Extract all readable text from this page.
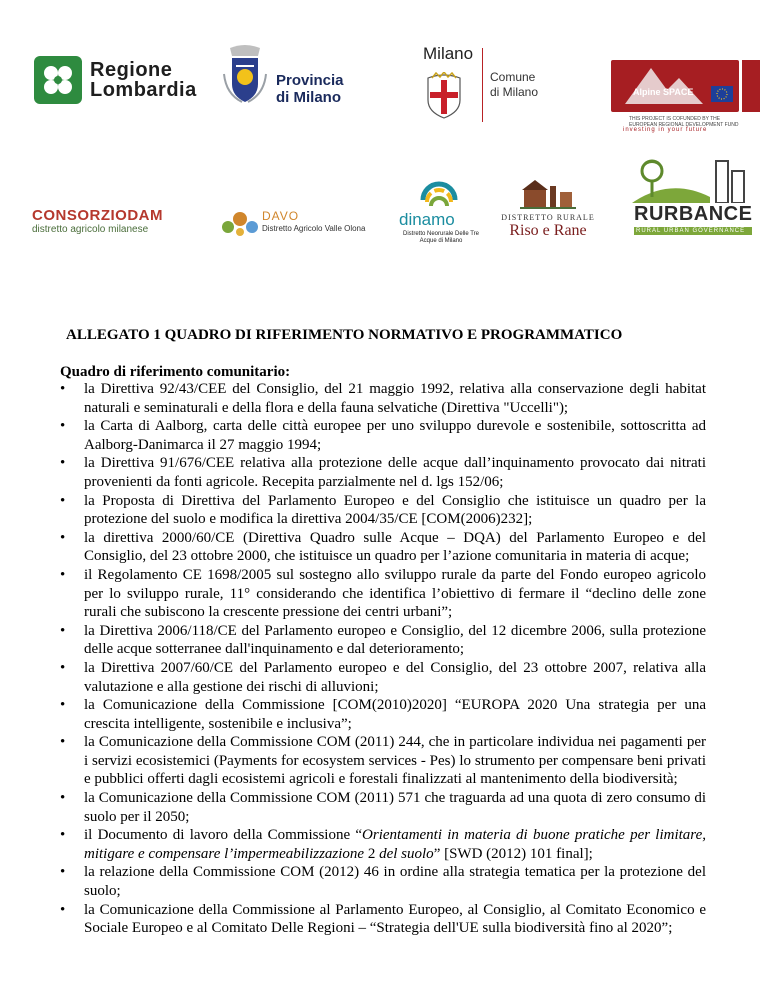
Regione
Lombardia	Provincia
di Milano
Milano
Comune
di Milano	Alpine SPACE
THIS PROJECT IS COFUNDED BY THE EUROPEAN REGIONAL DEVELOPMENT FUND
investing in your future
CONSORZIODAM
distretto agricolo milanese
DAVO
Distretto Agricolo Valle Olona dinamo
Distretto Neorurale Delle Tre Acque di Milano
DISTRETTO RURALE
Riso e Rane
RURBANCE
RURAL URBAN GOVERNANCE
ALLEGATO 1 QUADRO DI RIFERIMENTO NORMATIVO E PROGRAMMATICO
Quadro di riferimento comunitario:
• la Direttiva 92/43/CEE del Consiglio, del 21 maggio 1992, relativa alla conservazione degli habitat naturali e seminaturali e della flora e della fauna selvatiche (Direttiva "Uccelli");
• la Carta di Aalborg, carta delle città europee per uno sviluppo durevole e sostenibile, sottoscritta ad Aalborg-Danimarca il 27 maggio 1994;
• la Direttiva 91/676/CEE relativa alla protezione delle acque dall’inquinamento provocato dai nitrati provenienti da fonti agricole. Recepita parzialmente nel d. lgs 152/06;
• la Proposta di Direttiva del Parlamento Europeo e del Consiglio che istituisce un quadro per la protezione del suolo e modifica la direttiva 2004/35/CE [COM(2006)232];
• la direttiva 2000/60/CE (Direttiva Quadro sulle Acque – DQA) del Parlamento Europeo e del Consiglio, del 23 ottobre 2000, che istituisce un quadro per l’azione comunitaria in materia di acque;
• il Regolamento CE 1698/2005 sul sostegno allo sviluppo rurale da parte del Fondo europeo agricolo per lo sviluppo rurale, 11° considerando che identifica l’obiettivo di fermare il “declino delle zone rurali che subiscono la crescente pressione dei centri urbani”;
• la Direttiva 2006/118/CE del Parlamento europeo e Consiglio, del 12 dicembre 2006, sulla protezione delle acque sotterranee dall'inquinamento e dal deterioramento;
• la Direttiva 2007/60/CE del Parlamento europeo e del Consiglio, del 23 ottobre 2007, relativa alla valutazione e alla gestione dei rischi di alluvioni;
• la Comunicazione della Commissione [COM(2010)2020] “EUROPA 2020 Una strategia per una crescita intelligente, sostenibile e inclusiva”;
• la Comunicazione della Commissione COM (2011) 244, che in particolare individua nei pagamenti per i servizi ecosistemici (Payments for ecosystem services - Pes) lo strumento per compensare beni privati e pubblici offerti dagli ecosistemi agricoli e forestali finalizzati al mantenimento della biodiversità;
• la Comunicazione della Commissione COM (2011) 571 che traguarda ad una quota di zero consumo di suolo per il 2050;
• il Documento di lavoro della Commissione “Orientamenti in materia di buone pratiche per limitare, mitigare e compensare l’impermeabilizzazione 2 del suolo” [SWD (2012) 101 final];
• la relazione della Commissione COM (2012) 46 in ordine alla strategia tematica per la protezione del suolo;
• la Comunicazione della Commissione al Parlamento Europeo, al Consiglio, al Comitato Economico e Sociale Europeo e al Comitato Delle Regioni – “Strategia dell'UE sulla biodiversità fino al 2020”;
